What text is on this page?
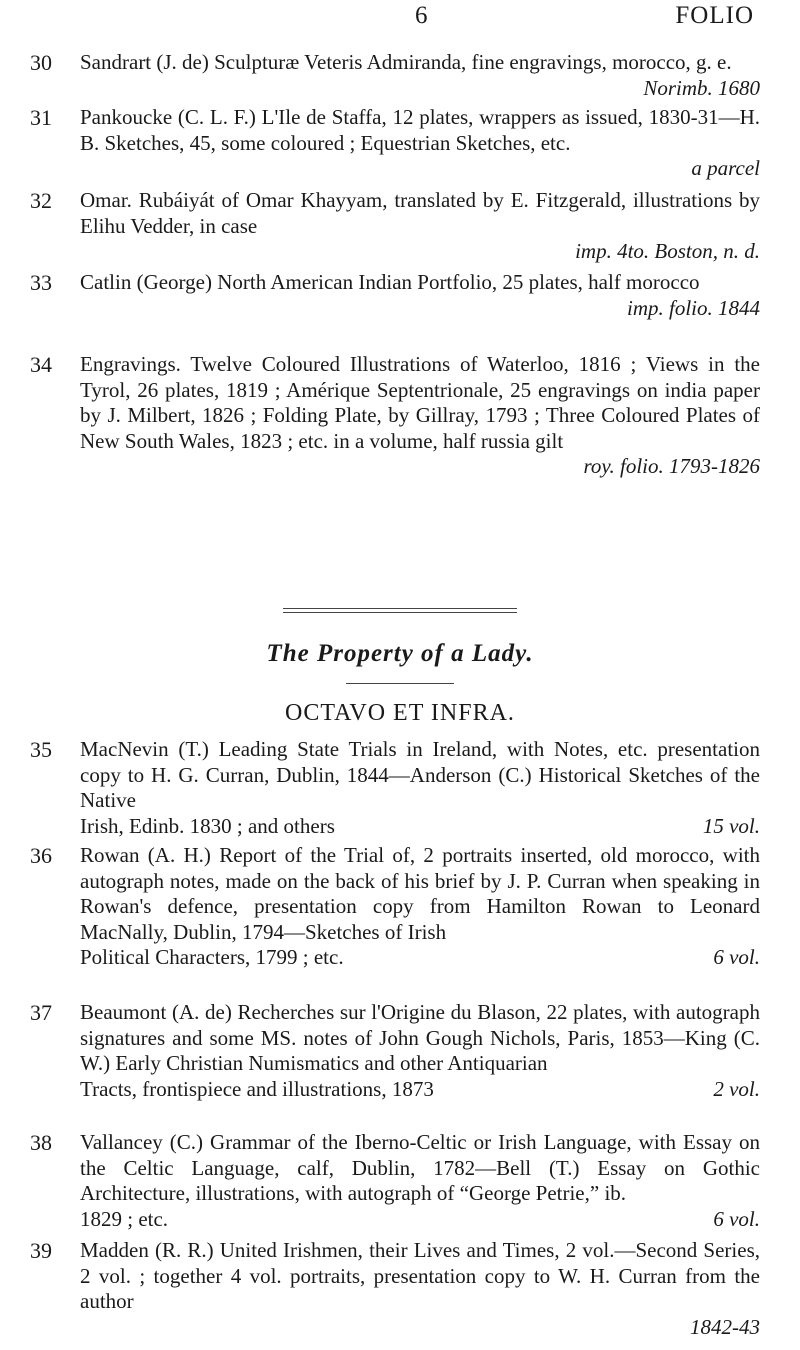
6	FOLIO
30	Sandrart (J. de) Sculpturæ Veteris Admiranda, fine engravings, morocco, g. e.
Norimb. 1680
31	Pankoucke (C. L. F.) L'Ile de Staffa, 12 plates, wrappers as issued, 1830-31—H. B. Sketches, 45, some coloured ; Equestrian Sketches, etc.
a parcel
32	Omar. Rubáiyát of Omar Khayyam, translated by E. Fitzgerald, illustrations by Elihu Vedder, in case
imp. 4to. Boston, n. d.
33	Catlin (George) North American Indian Portfolio, 25 plates, half morocco
imp. folio. 1844
34	Engravings. Twelve Coloured Illustrations of Waterloo, 1816 ; Views in the Tyrol, 26 plates, 1819 ; Amérique Septentrionale, 25 engravings on india paper by J. Milbert, 1826 ; Folding Plate, by Gillray, 1793 ; Three Coloured Plates of New South Wales, 1823 ; etc. in a volume, half russia gilt
roy. folio. 1793-1826
The Property of a Lady.
OCTAVO ET INFRA.
35	MacNevin (T.) Leading State Trials in Ireland, with Notes, etc. presentation copy to H. G. Curran, Dublin, 1844—Anderson (C.) Historical Sketches of the Native
Irish, Edinb. 1830 ; and others	15 vol.
36	Rowan (A. H.) Report of the Trial of, 2 portraits inserted, old morocco, with autograph notes, made on the back of his brief by J. P. Curran when speaking in Rowan's defence, presentation copy from Hamilton Rowan to Leonard MacNally, Dublin, 1794—Sketches of Irish
Political Characters, 1799 ; etc.	6 vol.
37	Beaumont (A. de) Recherches sur l'Origine du Blason, 22 plates, with autograph signatures and some MS. notes of John Gough Nichols, Paris, 1853—King (C. W.) Early Christian Numismatics and other Antiquarian
Tracts, frontispiece and illustrations, 1873	2 vol.
38	Vallancey (C.) Grammar of the Iberno-Celtic or Irish Language, with Essay on the Celtic Language, calf, Dublin, 1782—Bell (T.) Essay on Gothic Architecture, illustrations, with autograph of “George Petrie,” ib.
1829 ; etc.	6 vol.
39	Madden (R. R.) United Irishmen, their Lives and Times, 2 vol.—Second Series, 2 vol. ; together 4 vol. portraits, presentation copy to W. H. Curran from the author
1842-43
